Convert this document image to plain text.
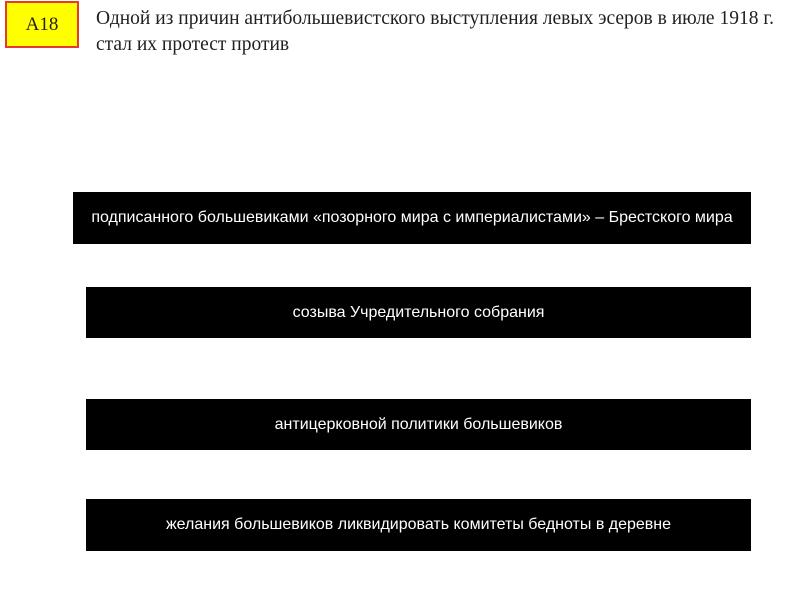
А18 Одной из причин антибольшевистского выступления левых эсеров в июле 1918 г. стал их протест против
подписанного большевиками «позорного мира с империалистами» – Брестского мира
созыва Учредительного собрания
антицерковной политики большевиков
желания большевиков ликвидировать комитеты бедноты в деревне
